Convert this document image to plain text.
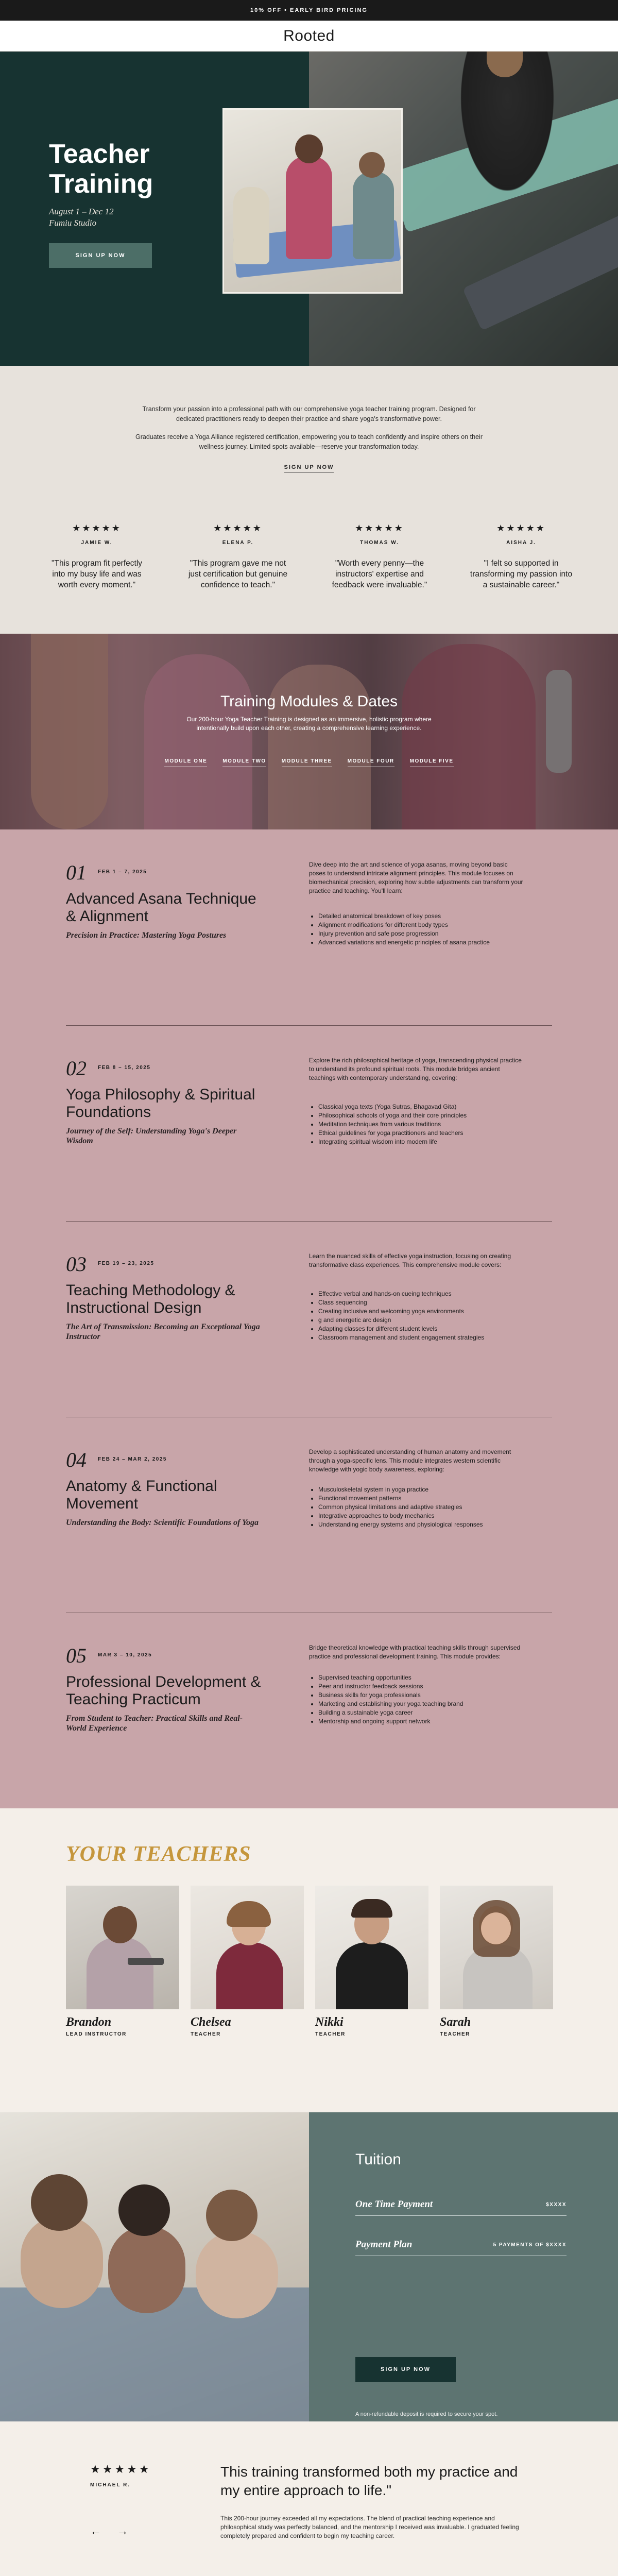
10% OFF • EARLY BIRD PRICING
Rooted
Teacher Training
August 1 – Dec 12
Fumiu Studio
SIGN UP NOW

Transform your passion into a professional path with our comprehensive yoga teacher training program. Designed for dedicated practitioners ready to deepen their practice and share yoga's transformative power.

Graduates receive a Yoga Alliance registered certification, empowering you to teach confidently and inspire others on their wellness journey. Limited spots available—reserve your transformation today.

SIGN UP NOW
★★★★★
JAMIE W.
"This program fit perfectly into my busy life and was worth every moment."
★★★★★
ELENA P.
"This program gave me not just certification but genuine confidence to teach."
★★★★★
THOMAS W.
"Worth every penny—the instructors' expertise and feedback were invaluable."
★★★★★
AISHA J.
"I felt so supported in transforming my passion into a sustainable career."
Training Modules & Dates
Our 200-hour Yoga Teacher Training is designed as an immersive, holistic program where intentionally build upon each other, creating a comprehensive learning experience.
MODULE ONE	MODULE TWO	MODULE THREE	MODULE FOUR	MODULE FIVE
01 FEB 1 – 7, 2025
Advanced Asana Technique & Alignment
Precision in Practice: Mastering Yoga Postures
Dive deep into the art and science of yoga asanas, moving beyond basic poses to understand intricate alignment principles. This module focuses on biomechanical precision, exploring how subtle adjustments can transform your practice and teaching. You'll learn:
• Detailed anatomical breakdown of key poses
• Alignment modifications for different body types
• Injury prevention and safe pose progression
• Advanced variations and energetic principles of asana practice
02 FEB 8 – 15, 2025
Yoga Philosophy & Spiritual Foundations
Journey of the Self: Understanding Yoga's Deeper Wisdom
Explore the rich philosophical heritage of yoga, transcending physical practice to understand its profound spiritual roots. This module bridges ancient teachings with contemporary understanding, covering:
• Classical yoga texts (Yoga Sutras, Bhagavad Gita)
• Philosophical schools of yoga and their core principles
• Meditation techniques from various traditions
• Ethical guidelines for yoga practitioners and teachers
• Integrating spiritual wisdom into modern life
03 FEB 19 – 23, 2025
Teaching Methodology & Instructional Design
The Art of Transmission: Becoming an Exceptional Yoga Instructor
Learn the nuanced skills of effective yoga instruction, focusing on creating transformative class experiences. This comprehensive module covers:
• Effective verbal and hands-on cueing techniques
• Class sequencing
• Creating inclusive and welcoming yoga environments
• g and energetic arc design
• Adapting classes for different student levels
• Classroom management and student engagement strategies
04 FEB 24 – MAR 2, 2025
Anatomy & Functional Movement
Understanding the Body: Scientific Foundations of Yoga
Develop a sophisticated understanding of human anatomy and movement through a yoga-specific lens. This module integrates western scientific knowledge with yogic body awareness, exploring:
• Musculoskeletal system in yoga practice
• Functional movement patterns
• Common physical limitations and adaptive strategies
• Integrative approaches to body mechanics
• Understanding energy systems and physiological responses
05 MAR 3 – 10, 2025
Professional Development & Teaching Practicum
From Student to Teacher: Practical Skills and Real-World Experience
Bridge theoretical knowledge with practical teaching skills through supervised practice and professional development training. This module provides:
• Supervised teaching opportunities
• Peer and instructor feedback sessions
• Business skills for yoga professionals
• Marketing and establishing your yoga teaching brand
• Building a sustainable yoga career
• Mentorship and ongoing support network
YOUR TEACHERS
Brandon
LEAD INSTRUCTOR
Chelsea
TEACHER
Nikki
TEACHER
Sarah
TEACHER
Tuition
One Time Payment	$XXXX
Payment Plan	5 PAYMENTS OF $XXXX
SIGN UP NOW
A non-refundable deposit is required to secure your spot.
★★★★★
MICHAEL R.
← →
This training transformed both my practice and my entire approach to life."
This 200-hour journey exceeded all my expectations. The blend of practical teaching experience and philosophical study was perfectly balanced, and the mentorship I received was invaluable. I graduated feeling completely prepared and confident to begin my teaching career.
